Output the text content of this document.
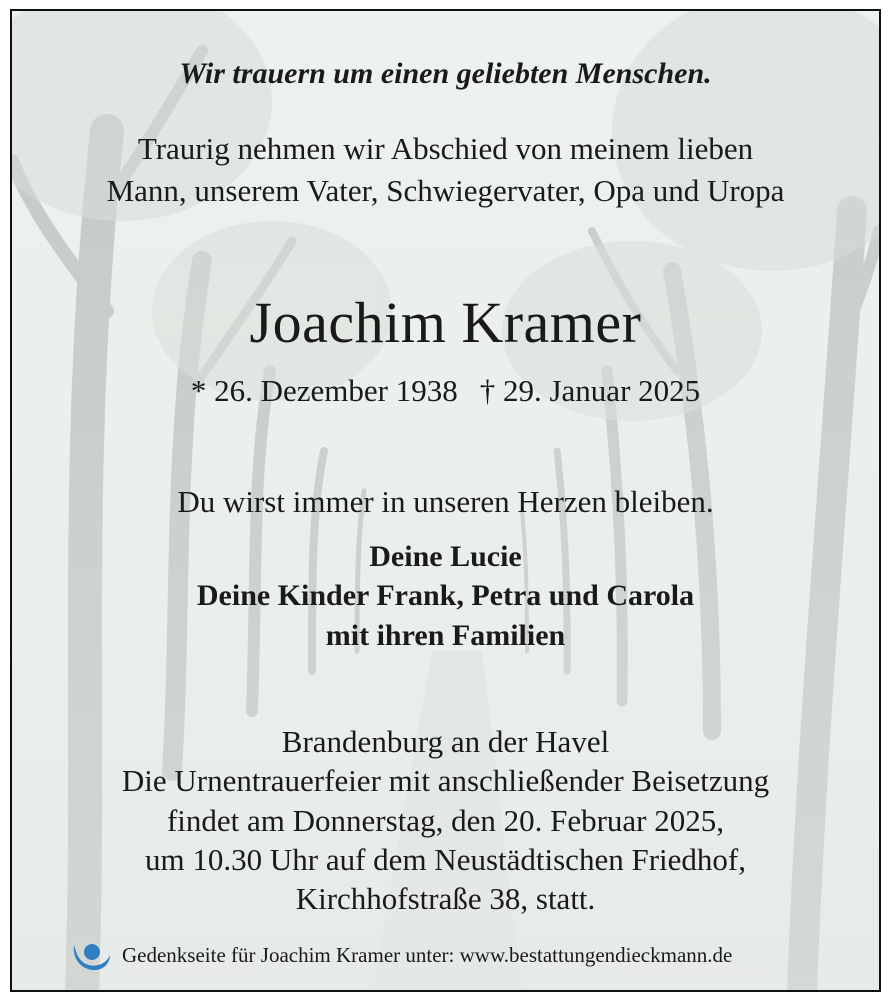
Wir trauern um einen geliebten Menschen.
Traurig nehmen wir Abschied von meinem lieben
Mann, unserem Vater, Schwiegervater, Opa und Uropa
Joachim Kramer
* 26. Dezember 1938 † 29. Januar 2025
Du wirst immer in unseren Herzen bleiben.
Deine Lucie
Deine Kinder Frank, Petra und Carola
mit ihren Familien
Brandenburg an der Havel
Die Urnentrauerfeier mit anschließender Beisetzung
findet am Donnerstag, den 20. Februar 2025,
um 10.30 Uhr auf dem Neustädtischen Friedhof,
Kirchhofstraße 38, statt.
Gedenkseite für Joachim Kramer unter: www.bestattungendieckmann.de
